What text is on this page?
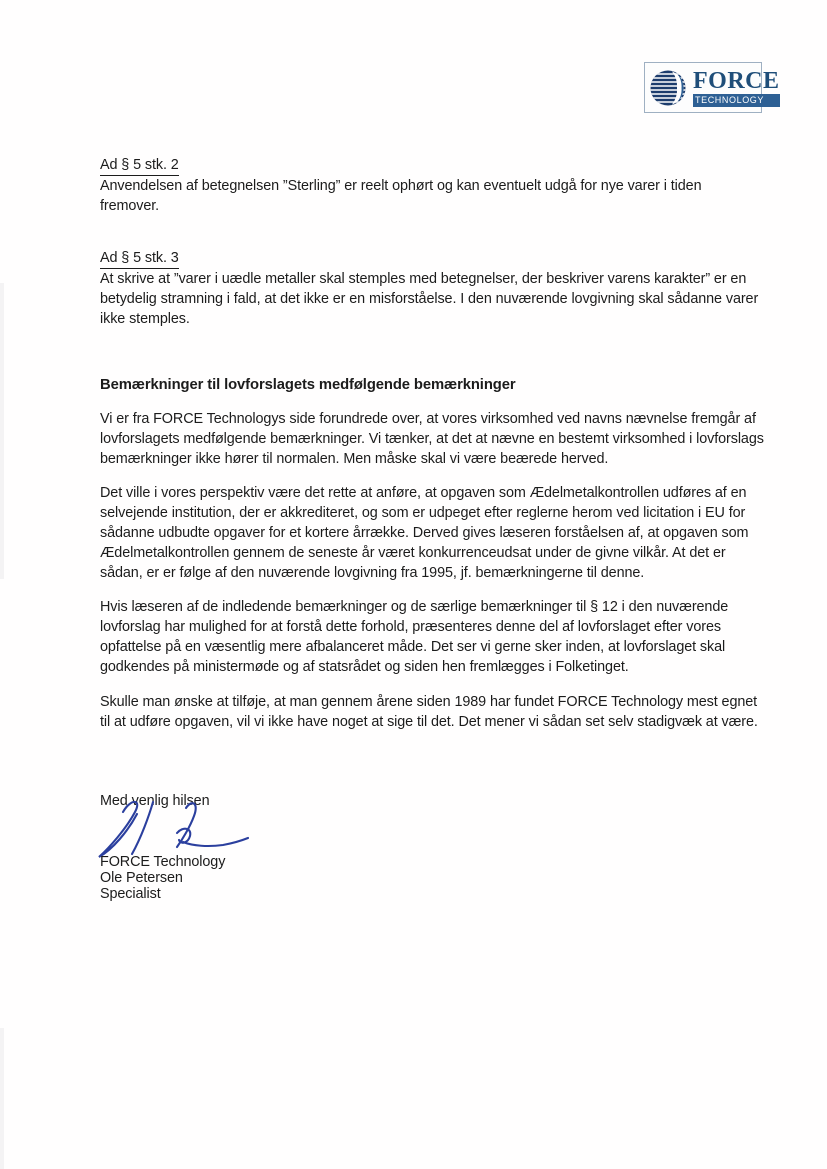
FORCE
TECHNOLOGY
Ad § 5 stk. 2
Anvendelsen af betegnelsen ”Sterling” er reelt ophørt og kan eventuelt udgå for nye varer i tiden fremover.
Ad § 5 stk. 3
At skrive at ”varer i uædle metaller skal stemples med betegnelser, der beskriver varens karakter” er en betydelig stramning i fald, at det ikke er en misforståelse. I den nuværende lovgivning skal sådanne varer ikke stemples.
Bemærkninger til lovforslagets medfølgende bemærkninger

Vi er fra FORCE Technologys side forundrede over, at vores virksomhed ved navns nævnelse fremgår af lovforslagets medfølgende bemærkninger. Vi tænker, at det at nævne en bestemt virksomhed i lovforslags bemærkninger ikke hører til normalen. Men måske skal vi være beærede herved.

Det ville i vores perspektiv være det rette at anføre, at opgaven som Ædelmetalkontrollen udføres af en selvejende institution, der er akkrediteret, og som er udpeget efter reglerne herom ved licitation i EU for sådanne udbudte opgaver for et kortere årrække. Derved gives læseren forståelsen af, at opgaven som Ædelmetalkontrollen gennem de seneste år været konkurrenceudsat under de givne vilkår. At det er sådan, er er følge af den nuværende lovgivning fra 1995, jf. bemærkningerne til denne.

Hvis læseren af de indledende bemærkninger og de særlige bemærkninger til § 12 i den nuværende lovforslag har mulighed for at forstå dette forhold, præsenteres denne del af lovforslaget efter vores opfattelse på en væsentlig mere afbalanceret måde. Det ser vi gerne sker inden, at lovforslaget skal godkendes på ministermøde og af statsrådet og siden hen fremlægges i Folketinget.

Skulle man ønske at tilføje, at man gennem årene siden 1989 har fundet FORCE Technology mest egnet til at udføre opgaven, vil vi ikke have noget at sige til det. Det mener vi sådan set selv stadigvæk at være.

Med venlig hilsen
FORCE Technology
Ole Petersen
Specialist
